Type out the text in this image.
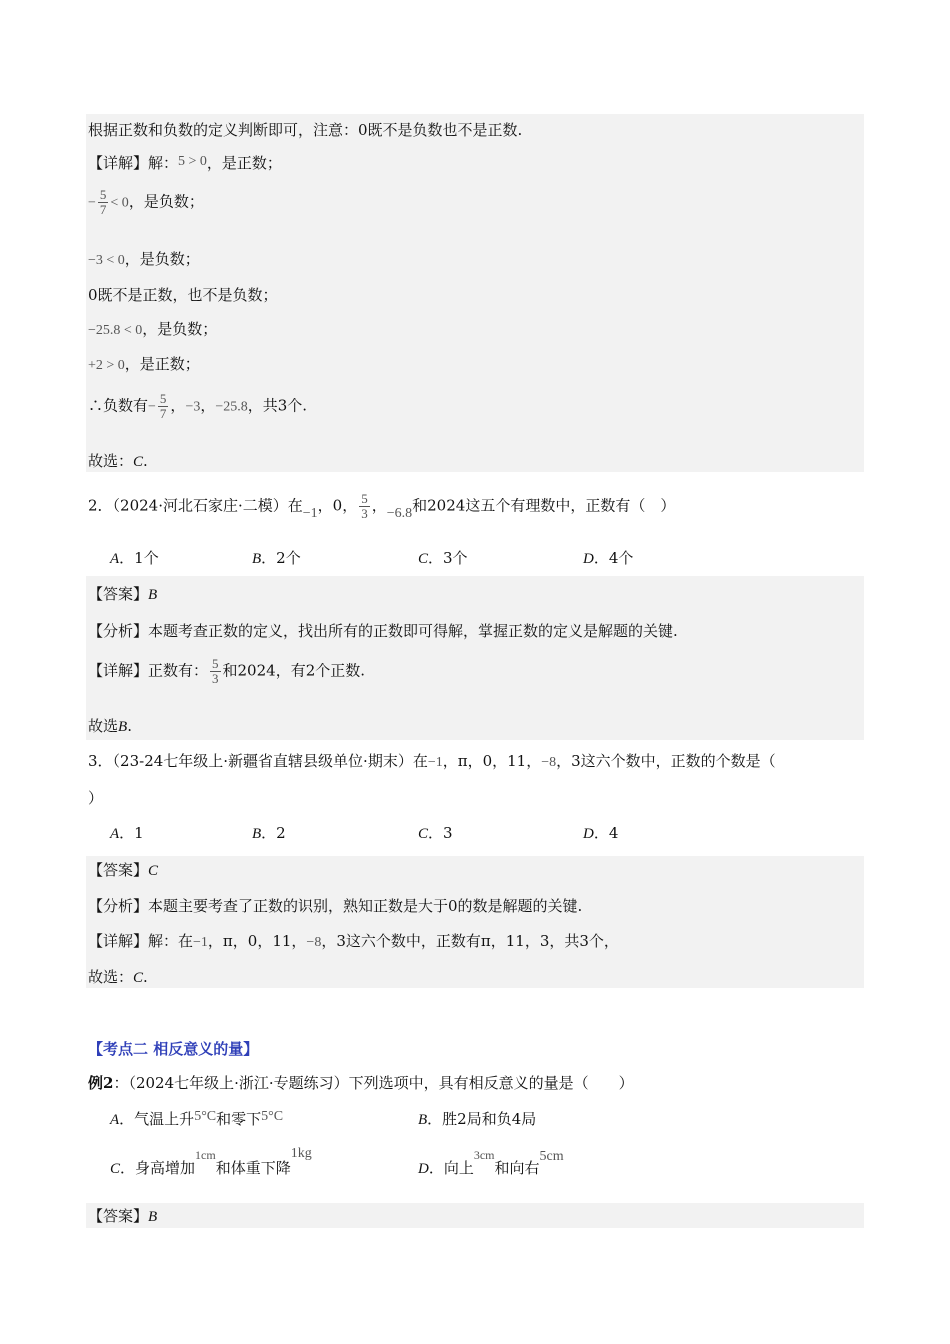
根据正数和负数的定义判断即可，注意：0既不是负数也不是正数.
【详解】解：5 > 0，是正数；
− $\frac{5}{7} < 0$，是负数；
−3 < 0，是负数；
0既不是正数，也不是负数；
−25.8 < 0，是负数；
+2 > 0，是正数；
∴负数有− $\frac{5}{7}$ ，−3，−25.8，共3个.
故选：C.
2．（2024·河北石家庄·二模）在−1，0， $\frac{5}{3}$ ，−6.8和2024这五个有理数中，正数有（　）
A．1个	B．2个	C．3个	D．4个
【答案】B
【分析】本题考查正数的定义，找出所有的正数即可得解，掌握正数的定义是解题的关键.
【详解】正数有： $\frac{5}{3}$ 和2024，有2个正数.
故选B.
3．（23-24七年级上·新疆省直辖县级单位·期末）在−1，π，0，11，−8，3这六个数中，正数的个数是（
）
A．1	B．2	C．3	D．4
【答案】C
【分析】本题主要考查了正数的识别，熟知正数是大于0的数是解题的关键.
【详解】解：在−1，π，0，11，−8，3这六个数中，正数有π，11，3，共3个，
故选：C.
【考点二 相反意义的量】
例2：（2024七年级上·浙江·专题练习）下列选项中，具有相反意义的量是（　　）
A．气温上升5°C和零下5°C	B．胜2局和负4局
C．身高增加$^{1cm}$和体重下降1kg
D．向上$^{3cm}$和向右5cm
【答案】B
